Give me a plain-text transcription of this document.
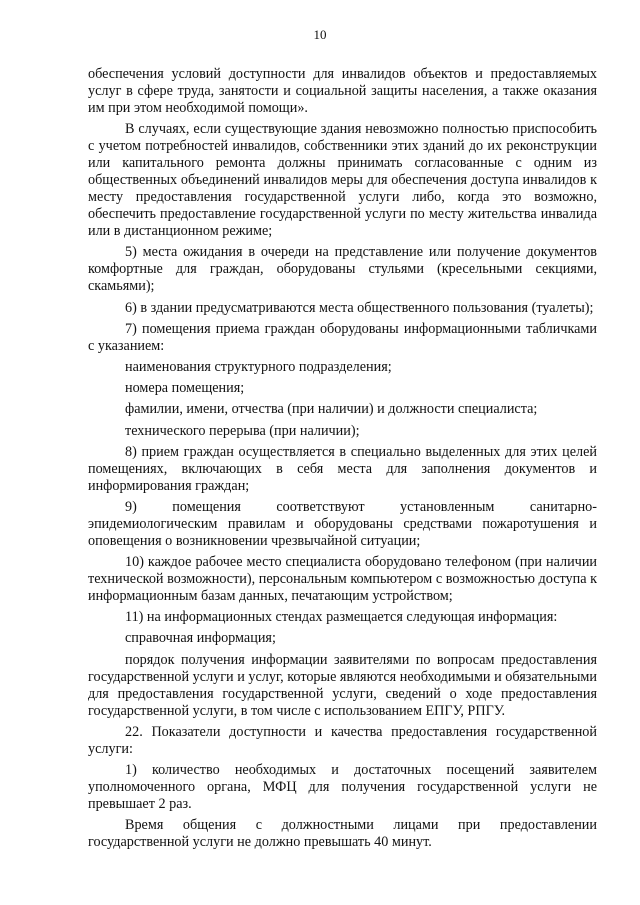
10

обеспечения условий доступности для инвалидов объектов и предоставляемых услуг в сфере труда, занятости и социальной защиты населения, а также оказания им при этом необходимой помощи».

В случаях, если существующие здания невозможно полностью приспособить с учетом потребностей инвалидов, собственники этих зданий до их реконструкции или капитального ремонта должны принимать согласованные с одним из общественных объединений инвалидов меры для обеспечения доступа инвалидов к месту предоставления государственной услуги либо, когда это возможно, обеспечить предоставление государственной услуги по месту жительства инвалида или в дистанционном режиме;

5) места ожидания в очереди на представление или получение документов комфортные для граждан, оборудованы стульями (кресельными секциями, скамьями);

6) в здании предусматриваются места общественного пользования (туалеты);

7) помещения приема граждан оборудованы информационными табличками с указанием:

наименования структурного подразделения;

номера помещения;

фамилии, имени, отчества (при наличии) и должности специалиста;

технического перерыва (при наличии);

8) прием граждан осуществляется в специально выделенных для этих целей помещениях, включающих в себя места для заполнения документов и информирования граждан;

9) помещения соответствуют установленным санитарно-эпидемиологическим правилам и оборудованы средствами пожаротушения и оповещения о возникновении чрезвычайной ситуации;

10) каждое рабочее место специалиста оборудовано телефоном (при наличии технической возможности), персональным компьютером с возможностью доступа к информационным базам данных, печатающим устройством;

11) на информационных стендах размещается следующая информация:

справочная информация;

порядок получения информации заявителями по вопросам предоставления государственной услуги и услуг, которые являются необходимыми и обязательными для предоставления государственной услуги, сведений о ходе предоставления государственной услуги, в том числе с использованием ЕПГУ, РПГУ.

22. Показатели доступности и качества предоставления государственной услуги:

1) количество необходимых и достаточных посещений заявителем уполномоченного органа, МФЦ для получения государственной услуги не превышает 2 раз.

Время общения с должностными лицами при предоставлении государственной услуги не должно превышать 40 минут.
